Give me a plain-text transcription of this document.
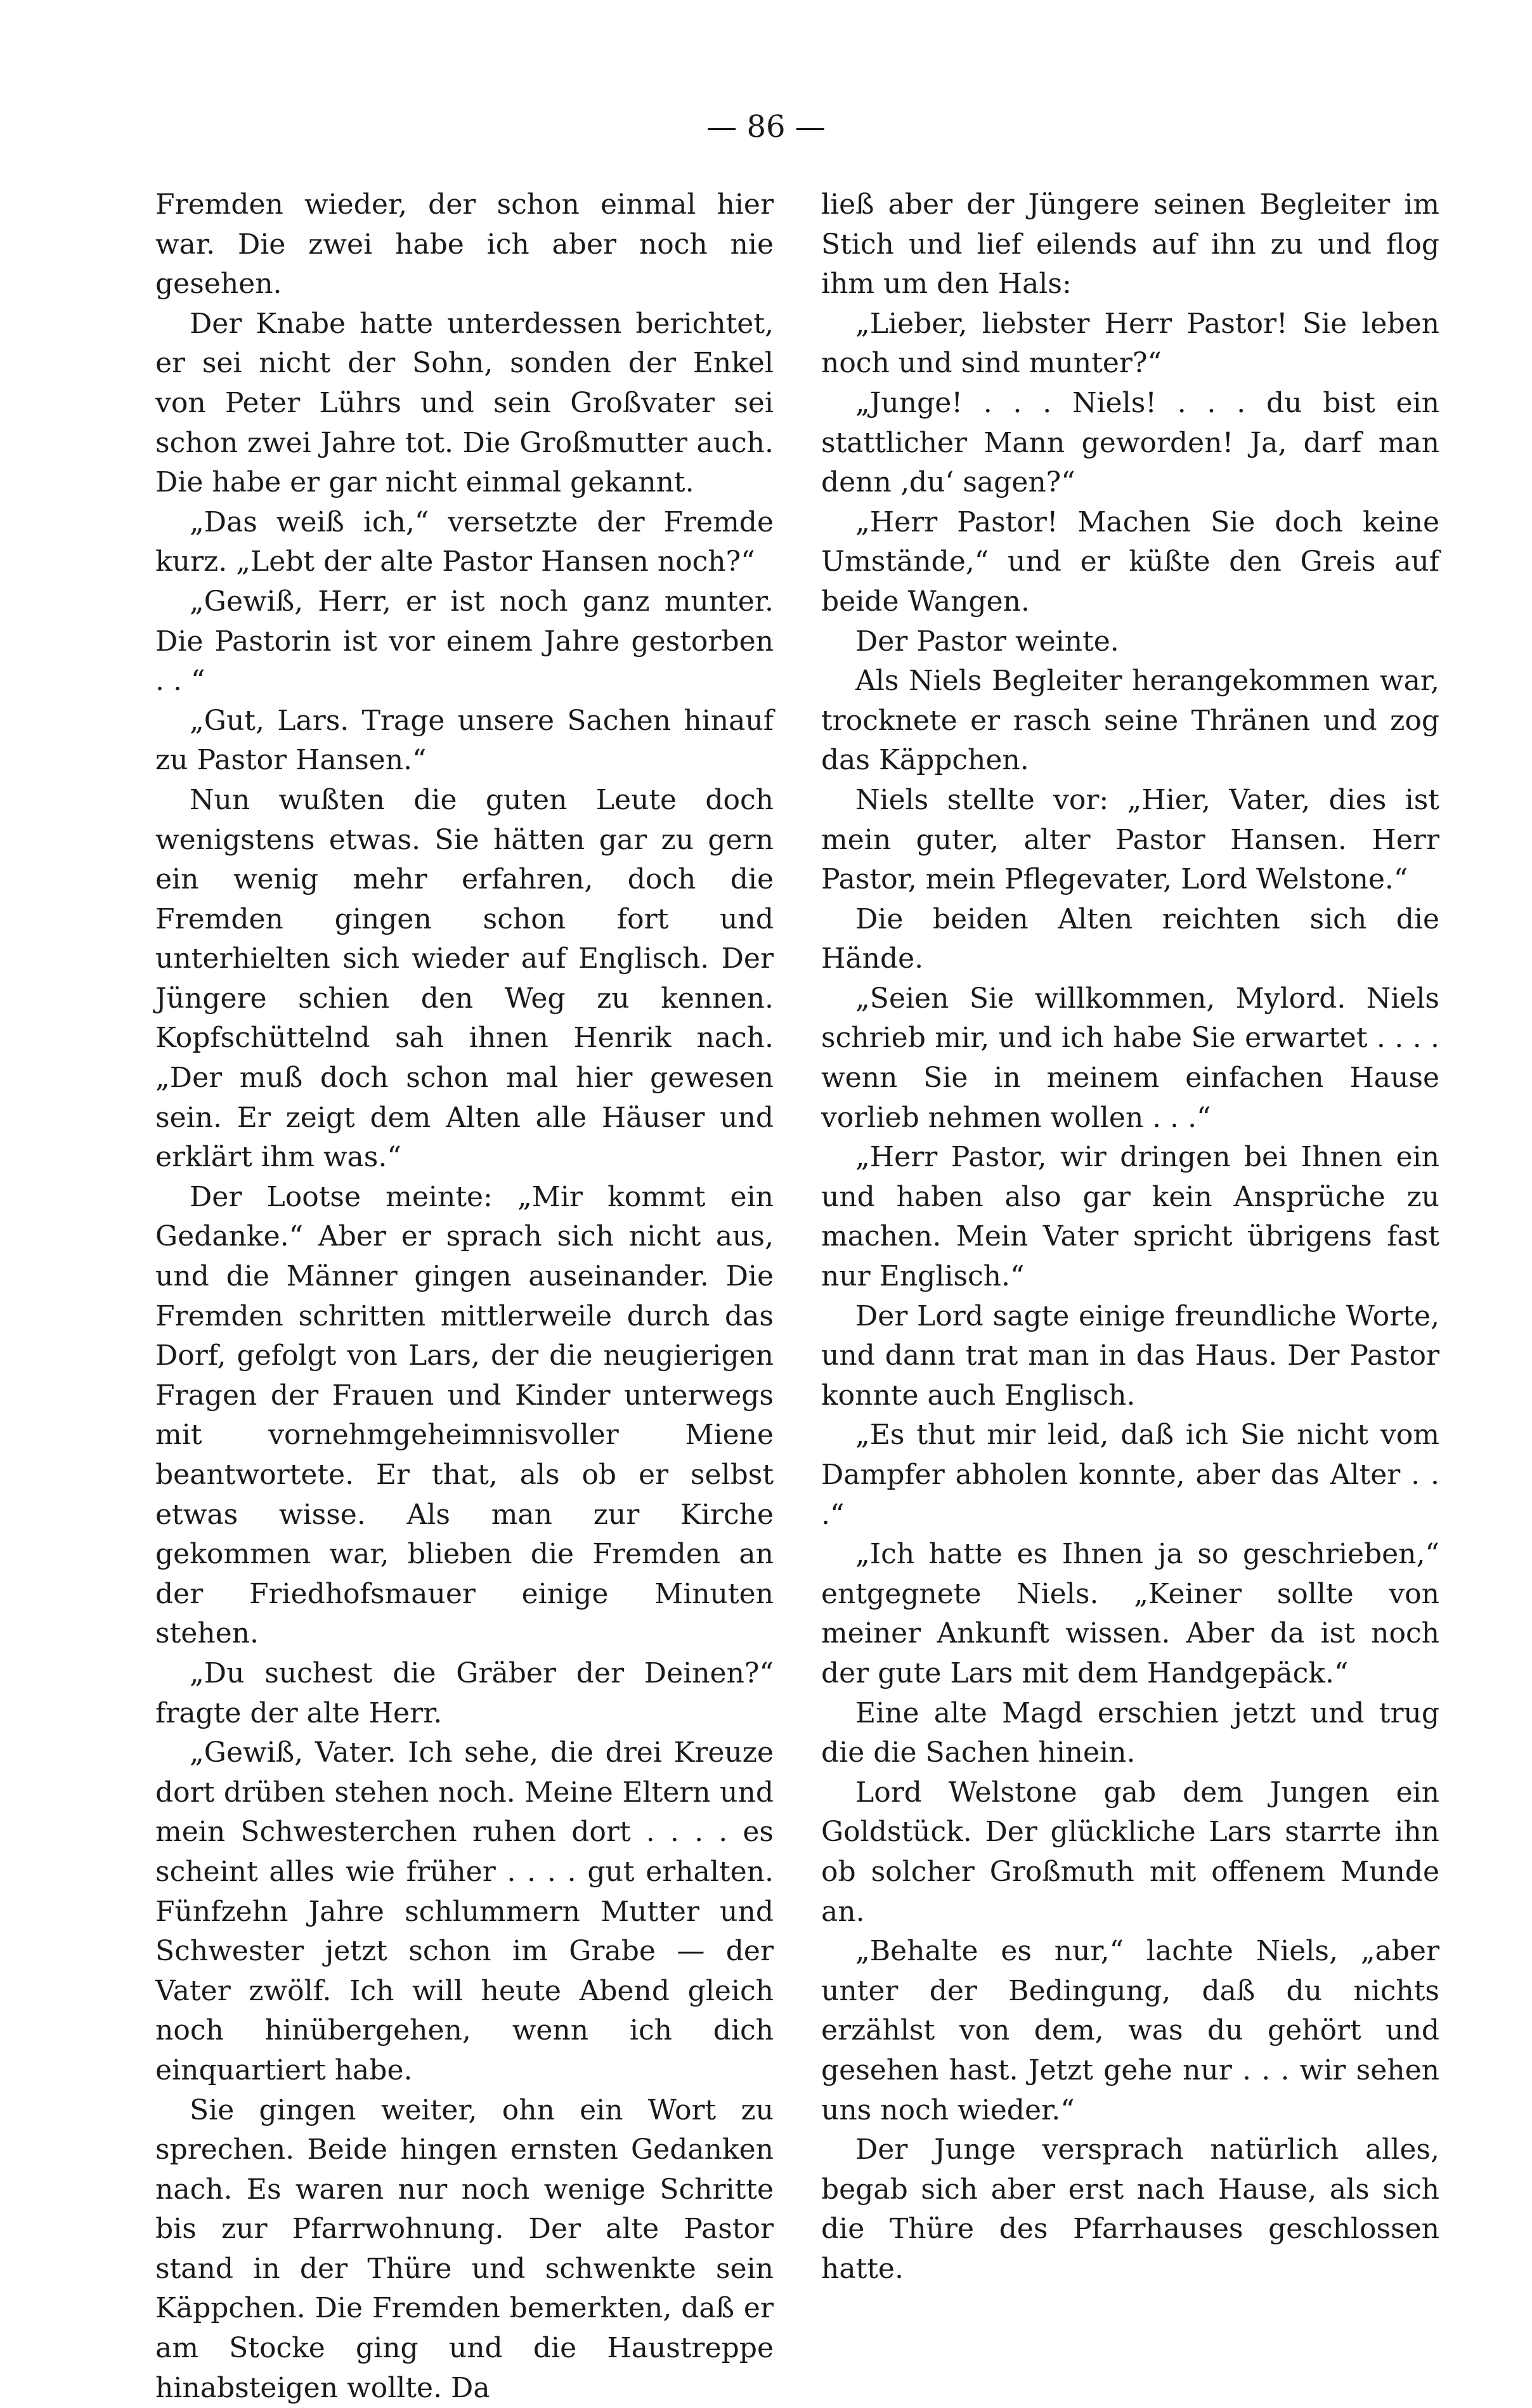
— 86 —

Fremden wieder, der schon einmal hier war. Die zwei habe ich aber noch nie gesehen.

Der Knabe hatte unterdessen berichtet, er sei nicht der Sohn, sonden der Enkel von Peter Lührs und sein Großvater sei schon zwei Jahre tot. Die Großmutter auch. Die habe er gar nicht einmal gekannt.

„Das weiß ich,“ versetzte der Fremde kurz. „Lebt der alte Pastor Hansen noch?“

„Gewiß, Herr, er ist noch ganz munter. Die Pastorin ist vor einem Jahre gestorben . . “

„Gut, Lars. Trage unsere Sachen hinauf zu Pastor Hansen.“

Nun wußten die guten Leute doch wenigstens etwas. Sie hätten gar zu gern ein wenig mehr erfahren, doch die Fremden gingen schon fort und unterhielten sich wieder auf Englisch. Der Jüngere schien den Weg zu kennen. Kopfschüttelnd sah ihnen Henrik nach. „Der muß doch schon mal hier gewesen sein. Er zeigt dem Alten alle Häuser und erklärt ihm was.“

Der Lootse meinte: „Mir kommt ein Gedanke.“ Aber er sprach sich nicht aus, und die Männer gingen auseinander. Die Fremden schritten mittlerweile durch das Dorf, gefolgt von Lars, der die neugierigen Fragen der Frauen und Kinder unterwegs mit vornehmgeheimnisvoller Miene beantwortete. Er that, als ob er selbst etwas wisse. Als man zur Kirche gekommen war, blieben die Fremden an der Friedhofsmauer einige Minuten stehen.

„Du suchest die Gräber der Deinen?“ fragte der alte Herr.

„Gewiß, Vater. Ich sehe, die drei Kreuze dort drüben stehen noch. Meine Eltern und mein Schwesterchen ruhen dort . . . . es scheint alles wie früher . . . . gut erhalten. Fünfzehn Jahre schlummern Mutter und Schwester jetzt schon im Grabe — der Vater zwölf. Ich will heute Abend gleich noch hinübergehen, wenn ich dich einquartiert habe.

Sie gingen weiter, ohn ein Wort zu sprechen. Beide hingen ernsten Gedanken nach. Es waren nur noch wenige Schritte bis zur Pfarrwohnung. Der alte Pastor stand in der Thüre und schwenkte sein Käppchen. Die Fremden bemerkten, daß er am Stocke ging und die Haustreppe hinabsteigen wollte. Da

ließ aber der Jüngere seinen Begleiter im Stich und lief eilends auf ihn zu und flog ihm um den Hals:

„Lieber, liebster Herr Pastor! Sie leben noch und sind munter?“

„Junge! . . . Niels! . . . du bist ein stattlicher Mann geworden! Ja, darf man denn ‚du‘ sagen?“

„Herr Pastor! Machen Sie doch keine Umstände,“ und er küßte den Greis auf beide Wangen.

Der Pastor weinte.

Als Niels Begleiter herangekommen war, trocknete er rasch seine Thränen und zog das Käppchen.

Niels stellte vor: „Hier, Vater, dies ist mein guter, alter Pastor Hansen. Herr Pastor, mein Pflegevater, Lord Welstone.“

Die beiden Alten reichten sich die Hände.

„Seien Sie willkommen, Mylord. Niels schrieb mir, und ich habe Sie erwartet . . . . wenn Sie in meinem einfachen Hause vorlieb nehmen wollen . . .“

„Herr Pastor, wir dringen bei Ihnen ein und haben also gar kein Ansprüche zu machen. Mein Vater spricht übrigens fast nur Englisch.“

Der Lord sagte einige freundliche Worte, und dann trat man in das Haus. Der Pastor konnte auch Englisch.

„Es thut mir leid, daß ich Sie nicht vom Dampfer abholen konnte, aber das Alter . . .“

„Ich hatte es Ihnen ja so geschrieben,“ entgegnete Niels. „Keiner sollte von meiner Ankunft wissen. Aber da ist noch der gute Lars mit dem Handgepäck.“

Eine alte Magd erschien jetzt und trug die die Sachen hinein.

Lord Welstone gab dem Jungen ein Goldstück. Der glückliche Lars starrte ihn ob solcher Großmuth mit offenem Munde an.

„Behalte es nur,“ lachte Niels, „aber unter der Bedingung, daß du nichts erzählst von dem, was du gehört und gesehen hast. Jetzt gehe nur . . . wir sehen uns noch wieder.“

Der Junge versprach natürlich alles, begab sich aber erst nach Hause, als sich die Thüre des Pfarrhauses geschlossen hatte.
